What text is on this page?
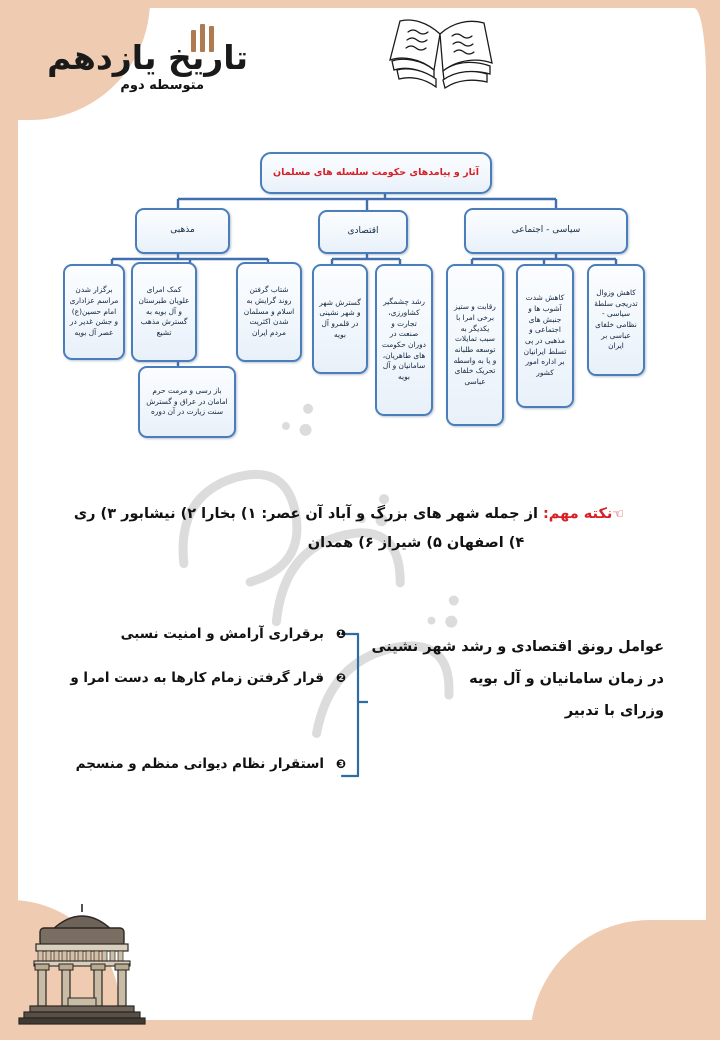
تاریخ یازدهم
متوسطه دوم
آثار و پیامدهای حکومت سلسله های مسلمان
مذهبی	اقتصادی	سیاسی - اجتماعی
برگزار شدن مراسم عزاداری امام حسین(ع) و جشن غدیر در عصر آل بویه
کمک امرای علویان طبرستان و آل بویه به گسترش مذهب تشیع
شتاب گرفتن روند گرایش به اسلام و مسلمان شدن اکثریت مردم ایران
باز رسی و مرمت حرم امامان در عراق و گسترش سنت زیارت در آن دوره
گسترش شهر و شهر نشینی در قلمرو آل بویه
رشد چشمگیر کشاورزی، تجارت و صنعت در دوران حکومت های طاهریان، سامانیان و آل بویه
رقابت و ستیز برخی امرا با یکدیگر به سبب تمایلات توسعه طلبانه و یا به واسطه تحریک خلفای عباسی
کاهش شدت آشوب ها و جنبش های اجتماعی و مذهبی در پی تسلط ایرانیان بر اداره امور کشور
کاهش وزوال تدریجی سلطهٔ سیاسی - نظامی خلفای عباسی بر ایران
☜نکته مهم: از جمله شهر های بزرگ و آباد آن عصر: ۱) بخارا ۲) نیشابور ۳) ری
۴) اصفهان ۵) شیراز ۶) همدان
عوامل رونق اقتصادی و رشد شهر نشینی
در زمان سامانیان و آل بویه
وزرای با تدبیر
❶
برقراری آرامش و امنیت نسبی
❷
قرار گرفتن زمام کارها به دست امرا و
❸
استقرار نظام دیوانی منظم و منسجم
